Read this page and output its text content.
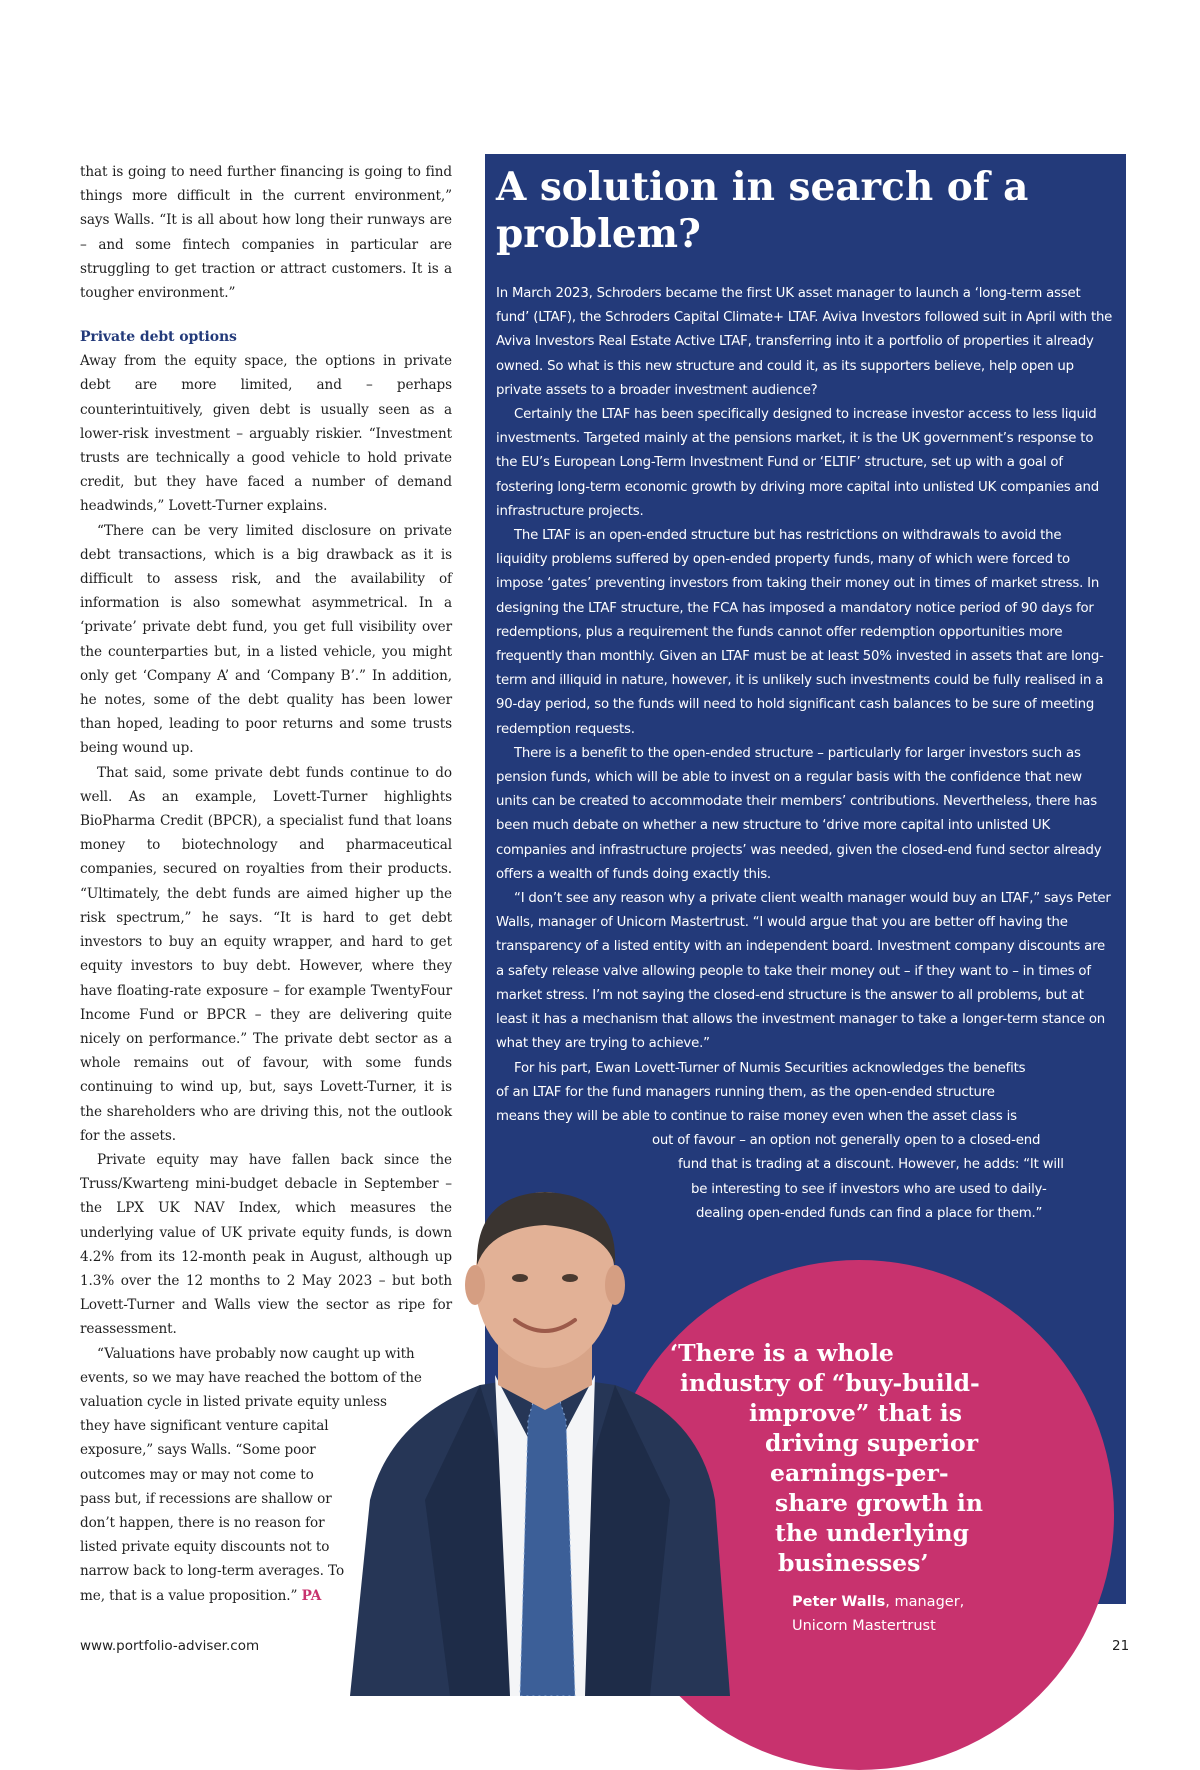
that is going to need further financing is going to find things more difficult in the current environment,” says Walls. “It is all about how long their runways are – and some fintech companies in particular are struggling to get traction or attract customers. It is a tougher environment.”

Private debt options

Away from the equity space, the options in private debt are more limited, and – perhaps counterintuitively, given debt is usually seen as a lower-risk investment – arguably riskier. “Investment trusts are technically a good vehicle to hold private credit, but they have faced a number of demand headwinds,” Lovett-Turner explains.

“There can be very limited disclosure on private debt transactions, which is a big drawback as it is difficult to assess risk, and the availability of information is also somewhat asymmetrical. In a ‘private’ private debt fund, you get full visibility over the counterparties but, in a listed vehicle, you might only get ‘Company A’ and ‘Company B’.” In addition, he notes, some of the debt quality has been lower than hoped, leading to poor returns and some trusts being wound up.

That said, some private debt funds continue to do well. As an example, Lovett-Turner highlights BioPharma Credit (BPCR), a specialist fund that loans money to biotechnology and pharmaceutical companies, secured on royalties from their products. “Ultimately, the debt funds are aimed higher up the risk spectrum,” he says. “It is hard to get debt investors to buy an equity wrapper, and hard to get equity investors to buy debt. However, where they have floating-rate exposure – for example TwentyFour Income Fund or BPCR – they are delivering quite nicely on performance.” The private debt sector as a whole remains out of favour, with some funds continuing to wind up, but, says Lovett-Turner, it is the shareholders who are driving this, not the outlook for the assets.

Private equity may have fallen back since the Truss/Kwarteng mini-budget debacle in September – the LPX UK NAV Index, which measures the underlying value of UK private equity funds, is down 4.2% from its 12-month peak in August, although up 1.3% over the 12 months to 2 May 2023 – but both Lovett-Turner and Walls view the sector as ripe for reassessment.

“Valuations have probably now caught up with
events, so we may have reached the bottom of the
valuation cycle in listed private equity unless
they have significant venture capital
exposure,” says Walls. “Some poor
outcomes may or may not come to
pass but, if recessions are shallow or
don’t happen, there is no reason for
listed private equity discounts not to
narrow back to long-term averages. To
me, that is a value proposition.” PA

A solution in search of a problem?

In March 2023, Schroders became the first UK asset manager to launch a ‘long-term asset fund’ (LTAF), the Schroders Capital Climate+ LTAF. Aviva Investors followed suit in April with the Aviva Investors Real Estate Active LTAF, transferring into it a portfolio of properties it already owned. So what is this new structure and could it, as its supporters believe, help open up private assets to a broader investment audience?

Certainly the LTAF has been specifically designed to increase investor access to less liquid investments. Targeted mainly at the pensions market, it is the UK government’s response to the EU’s European Long-Term Investment Fund or ‘ELTIF’ structure, set up with a goal of fostering long-term economic growth by driving more capital into unlisted UK companies and infrastructure projects.

The LTAF is an open-ended structure but has restrictions on withdrawals to avoid the liquidity problems suffered by open-ended property funds, many of which were forced to impose ‘gates’ preventing investors from taking their money out in times of market stress. In designing the LTAF structure, the FCA has imposed a mandatory notice period of 90 days for redemptions, plus a requirement the funds cannot offer redemption opportunities more frequently than monthly. Given an LTAF must be at least 50% invested in assets that are long-term and illiquid in nature, however, it is unlikely such investments could be fully realised in a 90-day period, so the funds will need to hold significant cash balances to be sure of meeting redemption requests.

There is a benefit to the open-ended structure – particularly for larger investors such as pension funds, which will be able to invest on a regular basis with the confidence that new units can be created to accommodate their members’ contributions. Nevertheless, there has been much debate on whether a new structure to ‘drive more capital into unlisted UK companies and infrastructure projects’ was needed, given the closed-end fund sector already offers a wealth of funds doing exactly this.

“I don’t see any reason why a private client wealth manager would buy an LTAF,” says Peter Walls, manager of Unicorn Mastertrust. “I would argue that you are better off having the transparency of a listed entity with an independent board. Investment company discounts are a safety release valve allowing people to take their money out – if they want to – in times of market stress. I’m not saying the closed-end structure is the answer to all problems, but at least it has a mechanism that allows the investment manager to take a longer-term stance on what they are trying to achieve.”

For his part, Ewan Lovett-Turner of Numis Securities acknowledges the benefits
of an LTAF for the fund managers running them, as the open-ended structure
means they will be able to continue to raise money even when the asset class is
out of favour – an option not generally open to a closed-end
fund that is trading at a discount. However, he adds: “It will
be interesting to see if investors who are used to daily-
dealing open-ended funds can find a place for them.”

‘There is a whole
industry of “buy-build-
improve” that is
driving superior
earnings-per-
share growth in
the underlying
businesses’
Peter Walls, manager,
Unicorn Mastertrust
www.portfolio-adviser.com	21
